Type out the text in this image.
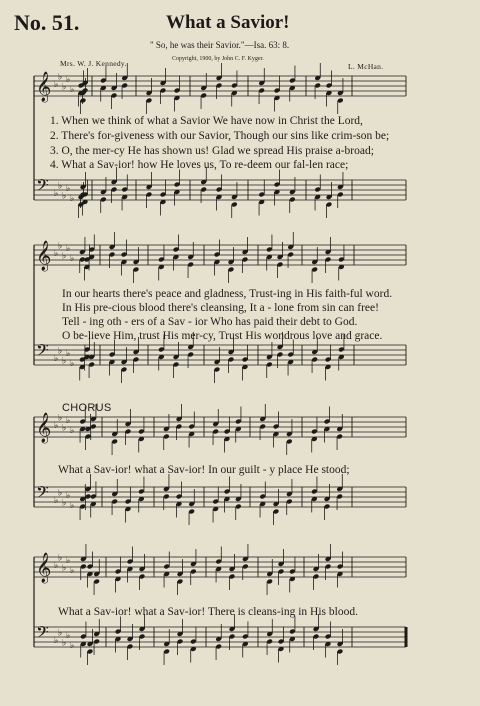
No. 51.	What a Savior!
" So, he was their Savior."—Isa. 63: 8.
Copyright, 1900, by John C. F. Kyger.
Mrs. W. J. Kennedy.	L. McHan.
CHORUS
1. When we think of what a Savior We have now in Christ the Lord,
2. There's for-giveness with our Savior, Though our sins like crim-son be;
3. O, the mer-cy He has shown us! Glad we spread His praise a-broad;
4. What a Sav-ior! how He loves us, To re-deem our fal-len race;
In our hearts there's peace and gladness, Trust-ing in His faith-ful word.
In His pre-cious blood there's cleansing, It a - lone from sin can free!
Tell - ing oth - ers of a Sav - ior Who has paid their debt to God.
O be-lieve Him, trust His mer-cy, Trust His wondrous love and grace.
What a Sav-ior! what a Sav-ior! In our guilt - y place He stood;
What a Sav-ior! what a Sav-ior! There is cleans-ing in His blood.
𝄞 ♭
♭
♭
♭
♭
𝄢 ♭
♭
♭
♭
♭
𝄞 ♭
♭
♭
♭
♭
𝄢 ♭
♭
♭
♭
♭
𝄞 ♭
♭
♭
♭
♭
𝄢 ♭
♭
♭
♭
♭
𝄞 ♭
♭
♭
♭
♭
𝄢 ♭
♭
♭
♭
♭
